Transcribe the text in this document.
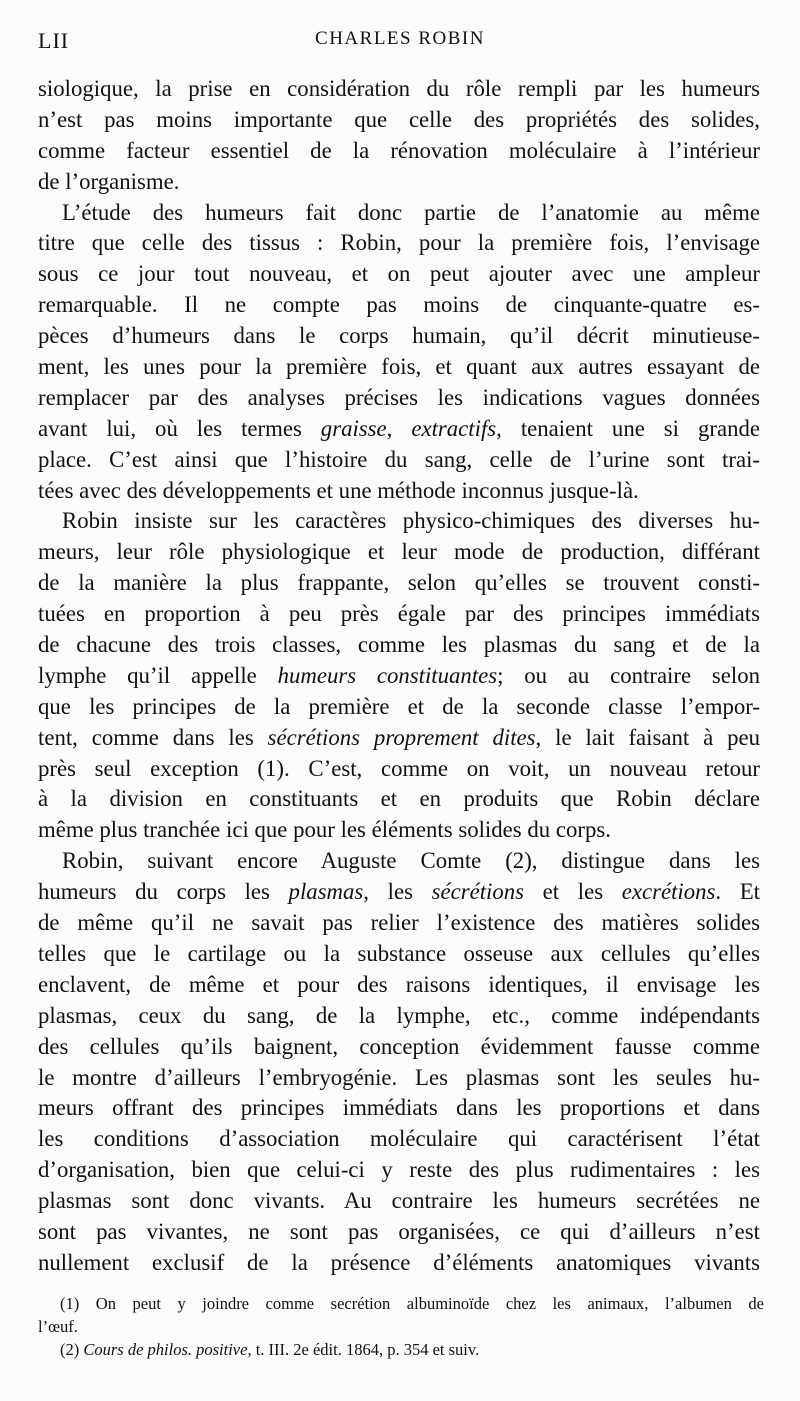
LII	CHARLES ROBIN
siologique, la prise en considération du rôle rempli par les humeurs
n’est pas moins importante que celle des propriétés des solides,
comme facteur essentiel de la rénovation moléculaire à l’intérieur
de l’organisme.
L’étude des humeurs fait donc partie de l’anatomie au même
titre que celle des tissus : Robin, pour la première fois, l’envisage
sous ce jour tout nouveau, et on peut ajouter avec une ampleur
remarquable. Il ne compte pas moins de cinquante-quatre es-
pèces d’humeurs dans le corps humain, qu’il décrit minutieuse-
ment, les unes pour la première fois, et quant aux autres essayant de
remplacer par des analyses précises les indications vagues données
avant lui, où les termes graisse, extractifs, tenaient une si grande
place. C’est ainsi que l’histoire du sang, celle de l’urine sont trai-
tées avec des développements et une méthode inconnus jusque-là.
Robin insiste sur les caractères physico-chimiques des diverses hu-
meurs, leur rôle physiologique et leur mode de production, différant
de la manière la plus frappante, selon qu’elles se trouvent consti-
tuées en proportion à peu près égale par des principes immédiats
de chacune des trois classes, comme les plasmas du sang et de la
lymphe qu’il appelle humeurs constituantes; ou au contraire selon
que les principes de la première et de la seconde classe l’empor-
tent, comme dans les sécrétions proprement dites, le lait faisant à peu
près seul exception (1). C’est, comme on voit, un nouveau retour
à la division en constituants et en produits que Robin déclare
même plus tranchée ici que pour les éléments solides du corps.
Robin, suivant encore Auguste Comte (2), distingue dans les
humeurs du corps les plasmas, les sécrétions et les excrétions. Et
de même qu’il ne savait pas relier l’existence des matières solides
telles que le cartilage ou la substance osseuse aux cellules qu’elles
enclavent, de même et pour des raisons identiques, il envisage les
plasmas, ceux du sang, de la lymphe, etc., comme indépendants
des cellules qu’ils baignent, conception évidemment fausse comme
le montre d’ailleurs l’embryogénie. Les plasmas sont les seules hu-
meurs offrant des principes immédiats dans les proportions et dans
les conditions d’association moléculaire qui caractérisent l’état
d’organisation, bien que celui-ci y reste des plus rudimentaires : les
plasmas sont donc vivants. Au contraire les humeurs secrétées ne
sont pas vivantes, ne sont pas organisées, ce qui d’ailleurs n’est
nullement exclusif de la présence d’éléments anatomiques vivants
(1) On peut y joindre comme secrétion albuminoïde chez les animaux, l’albumen de
l’œuf.
(2) Cours de philos. positive, t. III. 2e édit. 1864, p. 354 et suiv.
